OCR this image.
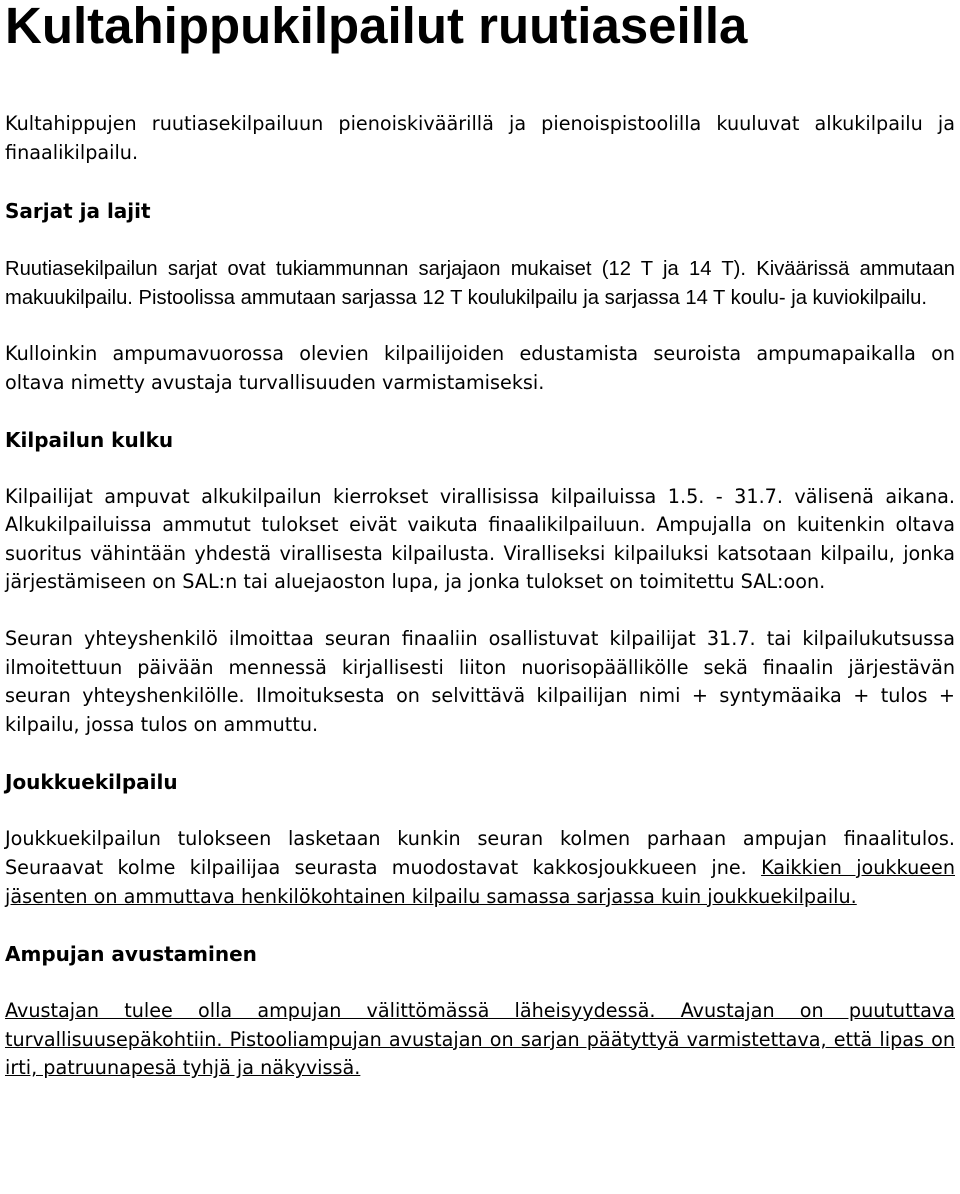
Kultahippukilpailut ruutiaseilla

Kultahippujen ruutiasekilpailuun pienoiskiväärillä ja pienoispistoolilla kuuluvat alkukilpailu ja finaalikilpailu.

Sarjat ja lajit

Ruutiasekilpailun sarjat ovat tukiammunnan sarjajaon mukaiset (12 T ja 14 T). Kiväärissä ammutaan makuukilpailu. Pistoolissa ammutaan sarjassa 12 T koulukilpailu ja sarjassa 14 T koulu- ja kuviokilpailu.

Kulloinkin ampumavuorossa olevien kilpailijoiden edustamista seuroista ampumapaikalla on oltava nimetty avustaja turvallisuuden varmistamiseksi.

Kilpailun kulku

Kilpailijat ampuvat alkukilpailun kierrokset virallisissa kilpailuissa 1.5. - 31.7. välisenä aikana. Alkukilpailuissa ammutut tulokset eivät vaikuta finaalikilpailuun. Ampujalla on kuitenkin oltava suoritus vähintään yhdestä virallisesta kilpailusta. Viralliseksi kilpailuksi katsotaan kilpailu, jonka järjestämiseen on SAL:n tai aluejaoston lupa, ja jonka tulokset on toimitettu SAL:oon.

Seuran yhteyshenkilö ilmoittaa seuran finaaliin osallistuvat kilpailijat 31.7. tai kilpailukutsussa ilmoitettuun päivään mennessä kirjallisesti liiton nuorisopäällikölle sekä finaalin järjestävän seuran yhteyshenkilölle. Ilmoituksesta on selvittävä kilpailijan nimi + syntymäaika + tulos + kilpailu, jossa tulos on ammuttu.

Joukkuekilpailu

Joukkuekilpailun tulokseen lasketaan kunkin seuran kolmen parhaan ampujan finaalitulos. Seuraavat kolme kilpailijaa seurasta muodostavat kakkosjoukkueen jne. Kaikkien joukkueen jäsenten on ammuttava henkilökohtainen kilpailu samassa sarjassa kuin joukkuekilpailu.

Ampujan avustaminen

Avustajan tulee olla ampujan välittömässä läheisyydessä. Avustajan on puututtava turvallisuusepäkohtiin. Pistooliampujan avustajan on sarjan päätyttyä varmistettava, että lipas on irti, patruunapesä tyhjä ja näkyvissä.
